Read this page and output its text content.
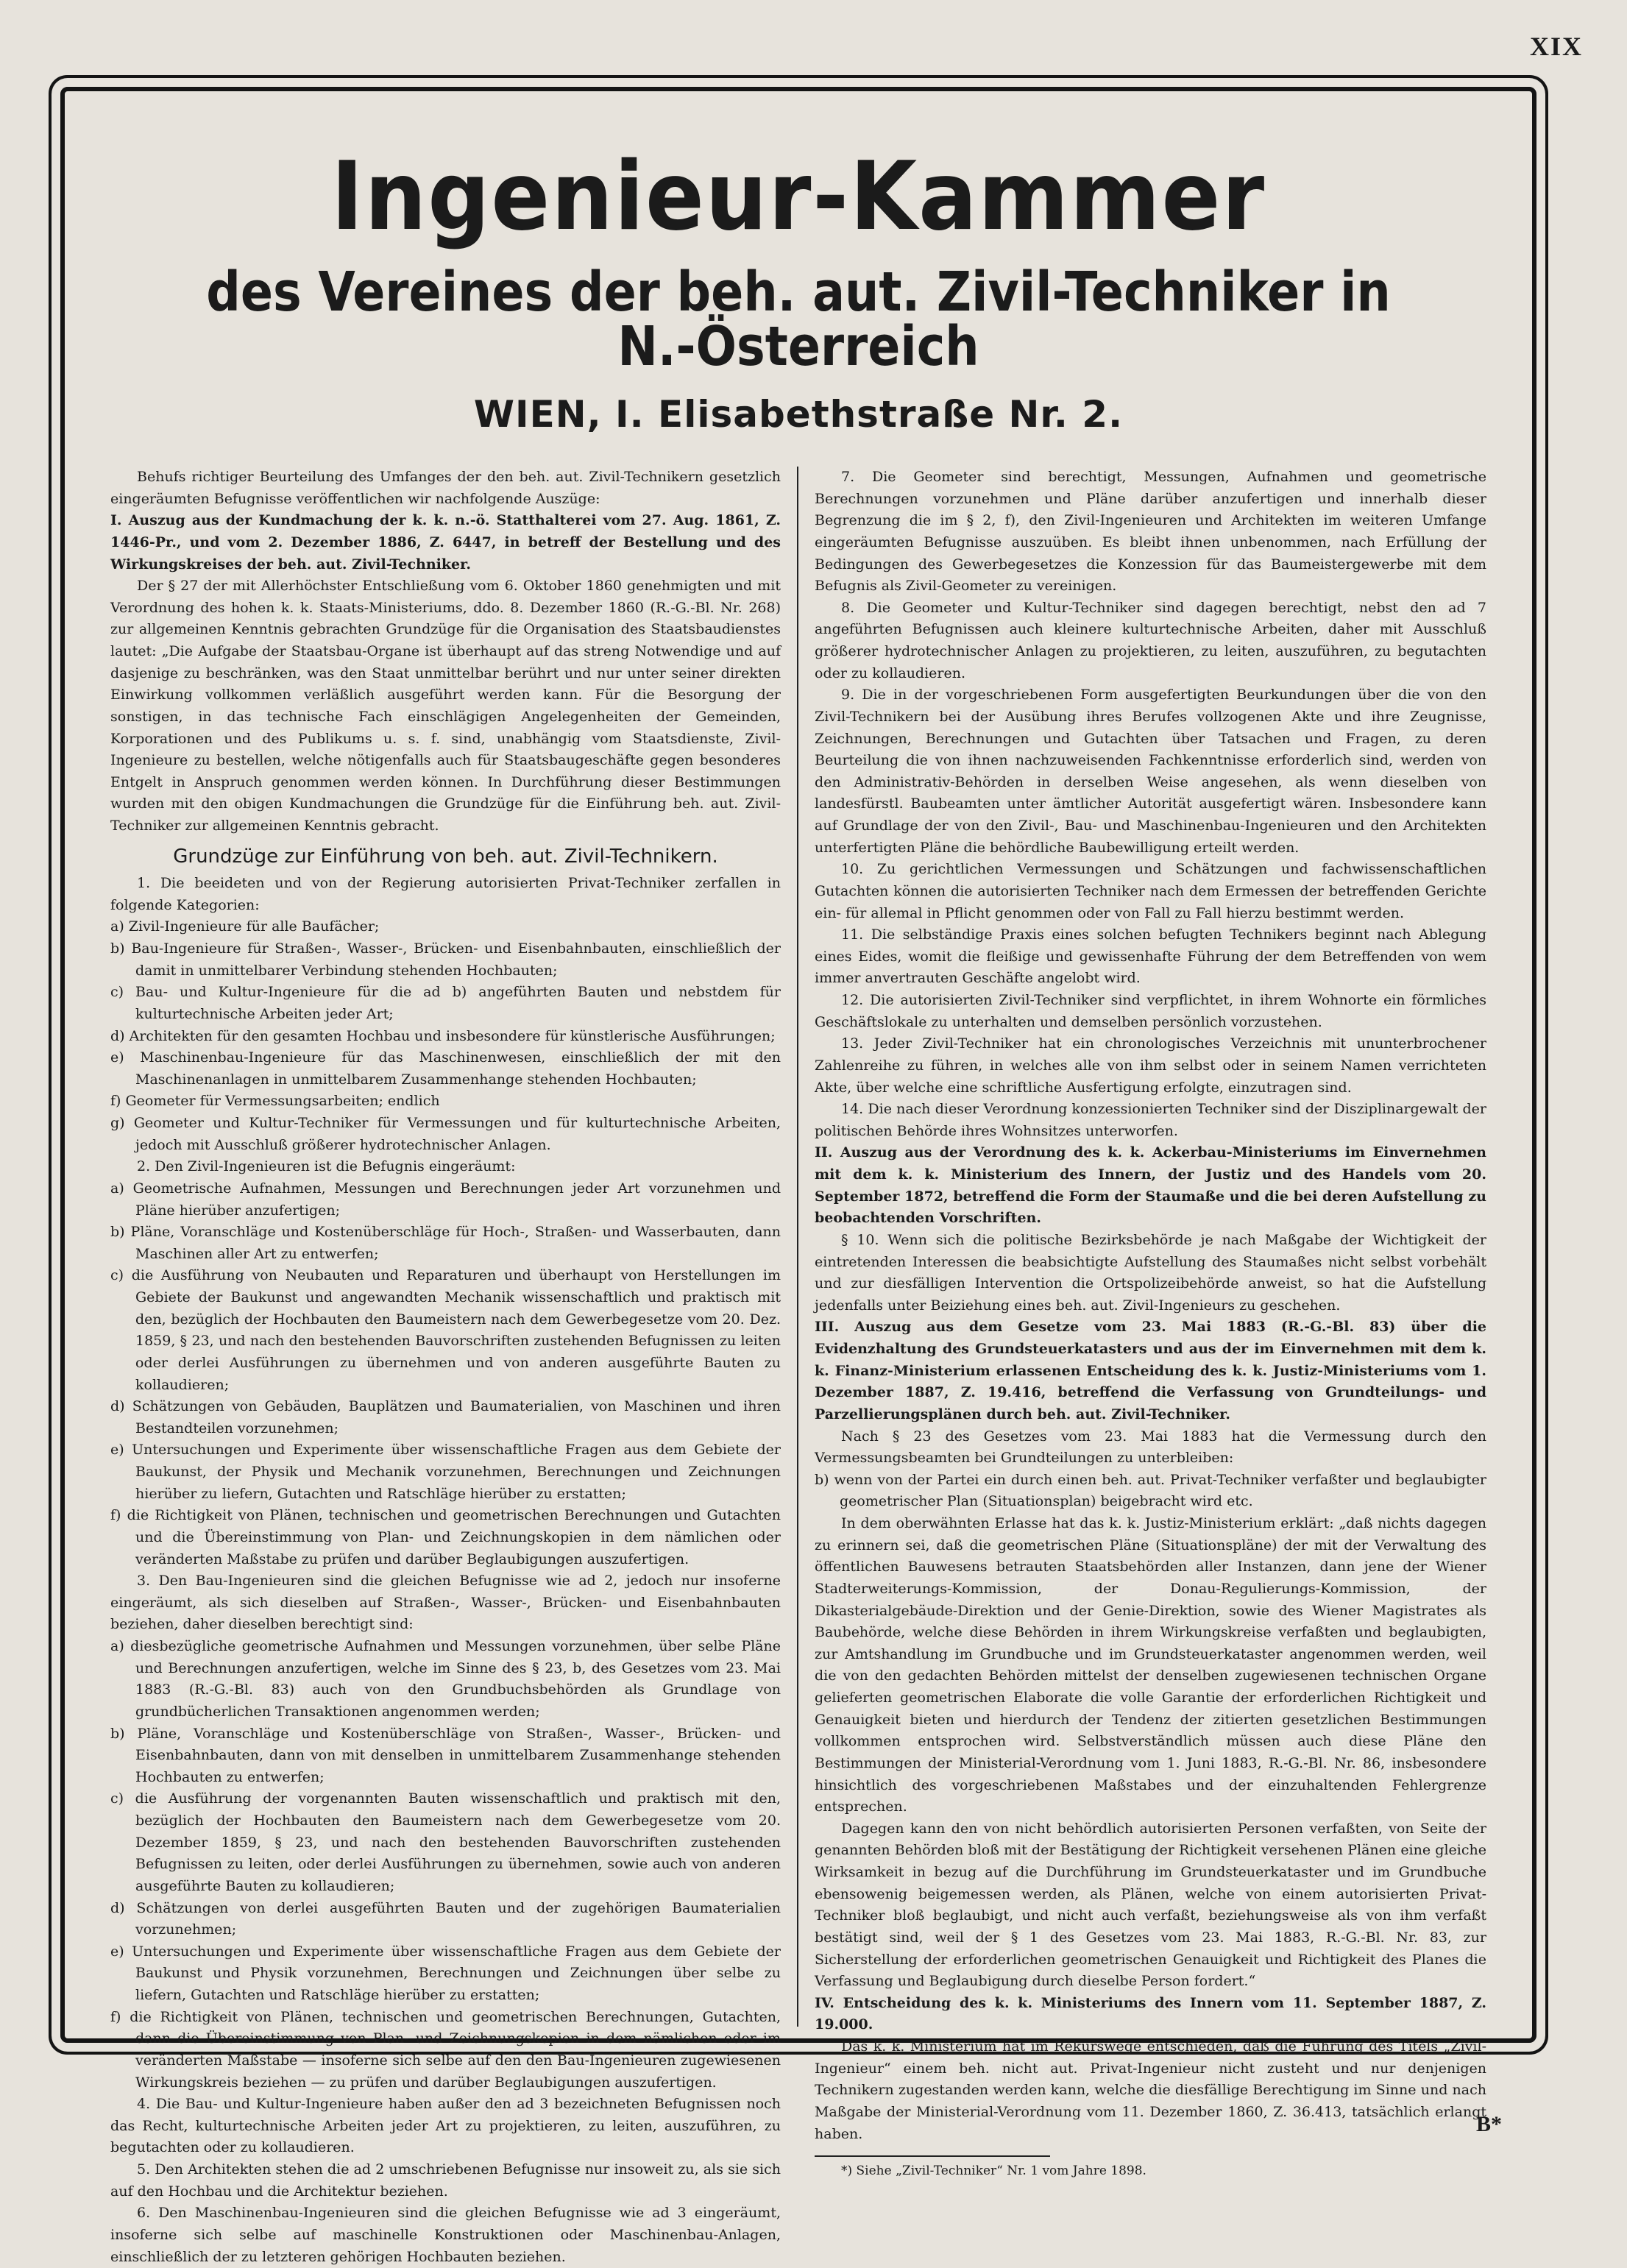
XIX
Ingenieur-Kammer
des Vereines der beh. aut. Zivil-Techniker in N.-Österreich
WIEN, I. Elisabethstraße Nr. 2.

Behufs richtiger Beurteilung des Umfanges der den beh. aut. Zivil-Technikern gesetzlich eingeräumten Befugnisse veröffentlichen wir nachfolgende Auszüge:

I. Auszug aus der Kundmachung der k. k. n.-ö. Statthalterei vom 27. Aug. 1861, Z. 1446-Pr., und vom 2. Dezember 1886, Z. 6447, in betreff der Bestellung und des Wirkungskreises der beh. aut. Zivil-Techniker.

Der § 27 der mit Allerhöchster Entschließung vom 6. Oktober 1860 genehmigten und mit Verordnung des hohen k. k. Staats-Ministeriums, ddo. 8. Dezember 1860 (R.-G.-Bl. Nr. 268) zur allgemeinen Kenntnis gebrachten Grundzüge für die Organisation des Staatsbaudienstes lautet: „Die Aufgabe der Staatsbau-Organe ist überhaupt auf das streng Notwendige und auf dasjenige zu beschränken, was den Staat unmittelbar berührt und nur unter seiner direkten Einwirkung vollkommen verläßlich ausgeführt werden kann. Für die Besorgung der sonstigen, in das technische Fach einschlägigen Angelegenheiten der Gemeinden, Korporationen und des Publikums u. s. f. sind, unabhängig vom Staatsdienste, Zivil-Ingenieure zu bestellen, welche nötigenfalls auch für Staatsbaugeschäfte gegen besonderes Entgelt in Anspruch genommen werden können. In Durchführung dieser Bestimmungen wurden mit den obigen Kundmachungen die Grundzüge für die Einführung beh. aut. Zivil-Techniker zur allgemeinen Kenntnis gebracht.

Grundzüge zur Einführung von beh. aut. Zivil-Technikern.

1. Die beeideten und von der Regierung autorisierten Privat-Techniker zerfallen in folgende Kategorien:

a) Zivil-Ingenieure für alle Baufächer;

b) Bau-Ingenieure für Straßen-, Wasser-, Brücken- und Eisenbahnbauten, einschließlich der damit in unmittelbarer Verbindung stehenden Hochbauten;

c) Bau- und Kultur-Ingenieure für die ad b) angeführten Bauten und nebstdem für kulturtechnische Arbeiten jeder Art;

d) Architekten für den gesamten Hochbau und insbesondere für künstlerische Ausführungen;

e) Maschinenbau-Ingenieure für das Maschinenwesen, einschließlich der mit den Maschinenanlagen in unmittelbarem Zusammenhange stehenden Hochbauten;

f) Geometer für Vermessungsarbeiten; endlich

g) Geometer und Kultur-Techniker für Vermessungen und für kulturtechnische Arbeiten, jedoch mit Ausschluß größerer hydrotechnischer Anlagen.

2. Den Zivil-Ingenieuren ist die Befugnis eingeräumt:

a) Geometrische Aufnahmen, Messungen und Berechnungen jeder Art vorzunehmen und Pläne hierüber anzufertigen;

b) Pläne, Voranschläge und Kostenüberschläge für Hoch-, Straßen- und Wasserbauten, dann Maschinen aller Art zu entwerfen;

c) die Ausführung von Neubauten und Reparaturen und überhaupt von Herstellungen im Gebiete der Baukunst und angewandten Mechanik wissenschaftlich und praktisch mit den, bezüglich der Hochbauten den Baumeistern nach dem Gewerbegesetze vom 20. Dez. 1859, § 23, und nach den bestehenden Bauvorschriften zustehenden Befugnissen zu leiten oder derlei Ausführungen zu übernehmen und von anderen ausgeführte Bauten zu kollaudieren;

d) Schätzungen von Gebäuden, Bauplätzen und Baumaterialien, von Maschinen und ihren Bestandteilen vorzunehmen;

e) Untersuchungen und Experimente über wissenschaftliche Fragen aus dem Gebiete der Baukunst, der Physik und Mechanik vorzunehmen, Berechnungen und Zeichnungen hierüber zu liefern, Gutachten und Ratschläge hierüber zu erstatten;

f) die Richtigkeit von Plänen, technischen und geometrischen Berechnungen und Gutachten und die Übereinstimmung von Plan- und Zeichnungskopien in dem nämlichen oder veränderten Maßstabe zu prüfen und darüber Beglaubigungen auszufertigen.

3. Den Bau-Ingenieuren sind die gleichen Befugnisse wie ad 2, jedoch nur insoferne eingeräumt, als sich dieselben auf Straßen-, Wasser-, Brücken- und Eisenbahnbauten beziehen, daher dieselben berechtigt sind:

a) diesbezügliche geometrische Aufnahmen und Messungen vorzunehmen, über selbe Pläne und Berechnungen anzufertigen, welche im Sinne des § 23, b, des Gesetzes vom 23. Mai 1883 (R.-G.-Bl. 83) auch von den Grundbuchsbehörden als Grundlage von grundbücherlichen Transaktionen angenommen werden;

b) Pläne, Voranschläge und Kostenüberschläge von Straßen-, Wasser-, Brücken- und Eisenbahnbauten, dann von mit denselben in unmittelbarem Zusammenhange stehenden Hochbauten zu entwerfen;

c) die Ausführung der vorgenannten Bauten wissenschaftlich und praktisch mit den, bezüglich der Hochbauten den Baumeistern nach dem Gewerbegesetze vom 20. Dezember 1859, § 23, und nach den bestehenden Bauvorschriften zustehenden Befugnissen zu leiten, oder derlei Ausführungen zu übernehmen, sowie auch von anderen ausgeführte Bauten zu kollaudieren;

d) Schätzungen von derlei ausgeführten Bauten und der zugehörigen Baumaterialien vorzunehmen;

e) Untersuchungen und Experimente über wissenschaftliche Fragen aus dem Gebiete der Baukunst und Physik vorzunehmen, Berechnungen und Zeichnungen über selbe zu liefern, Gutachten und Ratschläge hierüber zu erstatten;

f) die Richtigkeit von Plänen, technischen und geometrischen Berechnungen, Gutachten, dann die Übereinstimmung von Plan- und Zeichnungskopien in dem nämlichen oder im veränderten Maßstabe — insoferne sich selbe auf den den Bau-Ingenieuren zugewiesenen Wirkungskreis beziehen — zu prüfen und darüber Beglaubigungen auszufertigen.

4. Die Bau- und Kultur-Ingenieure haben außer den ad 3 bezeichneten Befugnissen noch das Recht, kulturtechnische Arbeiten jeder Art zu projektieren, zu leiten, auszuführen, zu begutachten oder zu kollaudieren.

5. Den Architekten stehen die ad 2 umschriebenen Befugnisse nur insoweit zu, als sie sich auf den Hochbau und die Architektur beziehen.

6. Den Maschinenbau-Ingenieuren sind die gleichen Befugnisse wie ad 3 eingeräumt, insoferne sich selbe auf maschinelle Konstruktionen oder Maschinenbau-Anlagen, einschließlich der zu letzteren gehörigen Hochbauten beziehen.

7. Die Geometer sind berechtigt, Messungen, Aufnahmen und geometrische Berechnungen vorzunehmen und Pläne darüber anzufertigen und innerhalb dieser Begrenzung die im § 2, f), den Zivil-Ingenieuren und Architekten im weiteren Umfange eingeräumten Befugnisse auszuüben. Es bleibt ihnen unbenommen, nach Erfüllung der Bedingungen des Gewerbegesetzes die Konzession für das Baumeistergewerbe mit dem Befugnis als Zivil-Geometer zu vereinigen.

8. Die Geometer und Kultur-Techniker sind dagegen berechtigt, nebst den ad 7 angeführten Befugnissen auch kleinere kulturtechnische Arbeiten, daher mit Ausschluß größerer hydrotechnischer Anlagen zu projektieren, zu leiten, auszuführen, zu begutachten oder zu kollaudieren.

9. Die in der vorgeschriebenen Form ausgefertigten Beurkundungen über die von den Zivil-Technikern bei der Ausübung ihres Berufes vollzogenen Akte und ihre Zeugnisse, Zeichnungen, Berechnungen und Gutachten über Tatsachen und Fragen, zu deren Beurteilung die von ihnen nachzuweisenden Fachkenntnisse erforderlich sind, werden von den Administrativ-Behörden in derselben Weise angesehen, als wenn dieselben von landesfürstl. Baubeamten unter ämtlicher Autorität ausgefertigt wären. Insbesondere kann auf Grundlage der von den Zivil-, Bau- und Maschinenbau-Ingenieuren und den Architekten unterfertigten Pläne die behördliche Baubewilligung erteilt werden.

10. Zu gerichtlichen Vermessungen und Schätzungen und fachwissenschaftlichen Gutachten können die autorisierten Techniker nach dem Ermessen der betreffenden Gerichte ein- für allemal in Pflicht genommen oder von Fall zu Fall hierzu bestimmt werden.

11. Die selbständige Praxis eines solchen befugten Technikers beginnt nach Ablegung eines Eides, womit die fleißige und gewissenhafte Führung der dem Betreffenden von wem immer anvertrauten Geschäfte angelobt wird.

12. Die autorisierten Zivil-Techniker sind verpflichtet, in ihrem Wohnorte ein förmliches Geschäftslokale zu unterhalten und demselben persönlich vorzustehen.

13. Jeder Zivil-Techniker hat ein chronologisches Verzeichnis mit ununterbrochener Zahlenreihe zu führen, in welches alle von ihm selbst oder in seinem Namen verrichteten Akte, über welche eine schriftliche Ausfertigung erfolgte, einzutragen sind.

14. Die nach dieser Verordnung konzessionierten Techniker sind der Disziplinargewalt der politischen Behörde ihres Wohnsitzes unterworfen.

II. Auszug aus der Verordnung des k. k. Ackerbau-Ministeriums im Einvernehmen mit dem k. k. Ministerium des Innern, der Justiz und des Handels vom 20. September 1872, betreffend die Form der Staumaße und die bei deren Aufstellung zu beobachtenden Vorschriften.

§ 10. Wenn sich die politische Bezirksbehörde je nach Maßgabe der Wichtigkeit der eintretenden Interessen die beabsichtigte Aufstellung des Staumaßes nicht selbst vorbehält und zur diesfälligen Intervention die Ortspolizeibehörde anweist, so hat die Aufstellung jedenfalls unter Beiziehung eines beh. aut. Zivil-Ingenieurs zu geschehen.

III. Auszug aus dem Gesetze vom 23. Mai 1883 (R.-G.-Bl. 83) über die Evidenzhaltung des Grundsteuerkatasters und aus der im Einvernehmen mit dem k. k. Finanz-Ministerium erlassenen Entscheidung des k. k. Justiz-Ministeriums vom 1. Dezember 1887, Z. 19.416, betreffend die Verfassung von Grundteilungs- und Parzellierungsplänen durch beh. aut. Zivil-Techniker.

Nach § 23 des Gesetzes vom 23. Mai 1883 hat die Vermessung durch den Vermessungsbeamten bei Grundteilungen zu unterbleiben:

b) wenn von der Partei ein durch einen beh. aut. Privat-Techniker verfaßter und beglaubigter geometrischer Plan (Situationsplan) beigebracht wird etc.

In dem oberwähnten Erlasse hat das k. k. Justiz-Ministerium erklärt: „daß nichts dagegen zu erinnern sei, daß die geometrischen Pläne (Situationspläne) der mit der Verwaltung des öffentlichen Bauwesens betrauten Staatsbehörden aller Instanzen, dann jene der Wiener Stadterweiterungs-Kommission, der Donau-Regulierungs-Kommission, der Dikasterialgebäude-Direktion und der Genie-Direktion, sowie des Wiener Magistrates als Baubehörde, welche diese Behörden in ihrem Wirkungskreise verfaßten und beglaubigten, zur Amtshandlung im Grundbuche und im Grundsteuerkataster angenommen werden, weil die von den gedachten Behörden mittelst der denselben zugewiesenen technischen Organe gelieferten geometrischen Elaborate die volle Garantie der erforderlichen Richtigkeit und Genauigkeit bieten und hierdurch der Tendenz der zitierten gesetzlichen Bestimmungen vollkommen entsprochen wird. Selbstverständlich müssen auch diese Pläne den Bestimmungen der Ministerial-Verordnung vom 1. Juni 1883, R.-G.-Bl. Nr. 86, insbesondere hinsichtlich des vorgeschriebenen Maßstabes und der einzuhaltenden Fehlergrenze entsprechen.

Dagegen kann den von nicht behördlich autorisierten Personen verfaßten, von Seite der genannten Behörden bloß mit der Bestätigung der Richtigkeit versehenen Plänen eine gleiche Wirksamkeit in bezug auf die Durchführung im Grundsteuerkataster und im Grundbuche ebensowenig beigemessen werden, als Plänen, welche von einem autorisierten Privat-Techniker bloß beglaubigt, und nicht auch verfaßt, beziehungsweise als von ihm verfaßt bestätigt sind, weil der § 1 des Gesetzes vom 23. Mai 1883, R.-G.-Bl. Nr. 83, zur Sicherstellung der erforderlichen geometrischen Genauigkeit und Richtigkeit des Planes die Verfassung und Beglaubigung durch dieselbe Person fordert.“

IV. Entscheidung des k. k. Ministeriums des Innern vom 11. September 1887, Z. 19.000.

Das k. k. Ministerium hat im Rekurswege entschieden, daß die Führung des Titels „Zivil-Ingenieur“ einem beh. nicht aut. Privat-Ingenieur nicht zusteht und nur denjenigen Technikern zugestanden werden kann, welche die diesfällige Berechtigung im Sinne und nach Maßgabe der Ministerial-Verordnung vom 11. Dezember 1860, Z. 36.413, tatsächlich erlangt haben.

*) Siehe „Zivil-Techniker“ Nr. 1 vom Jahre 1898.

B*
